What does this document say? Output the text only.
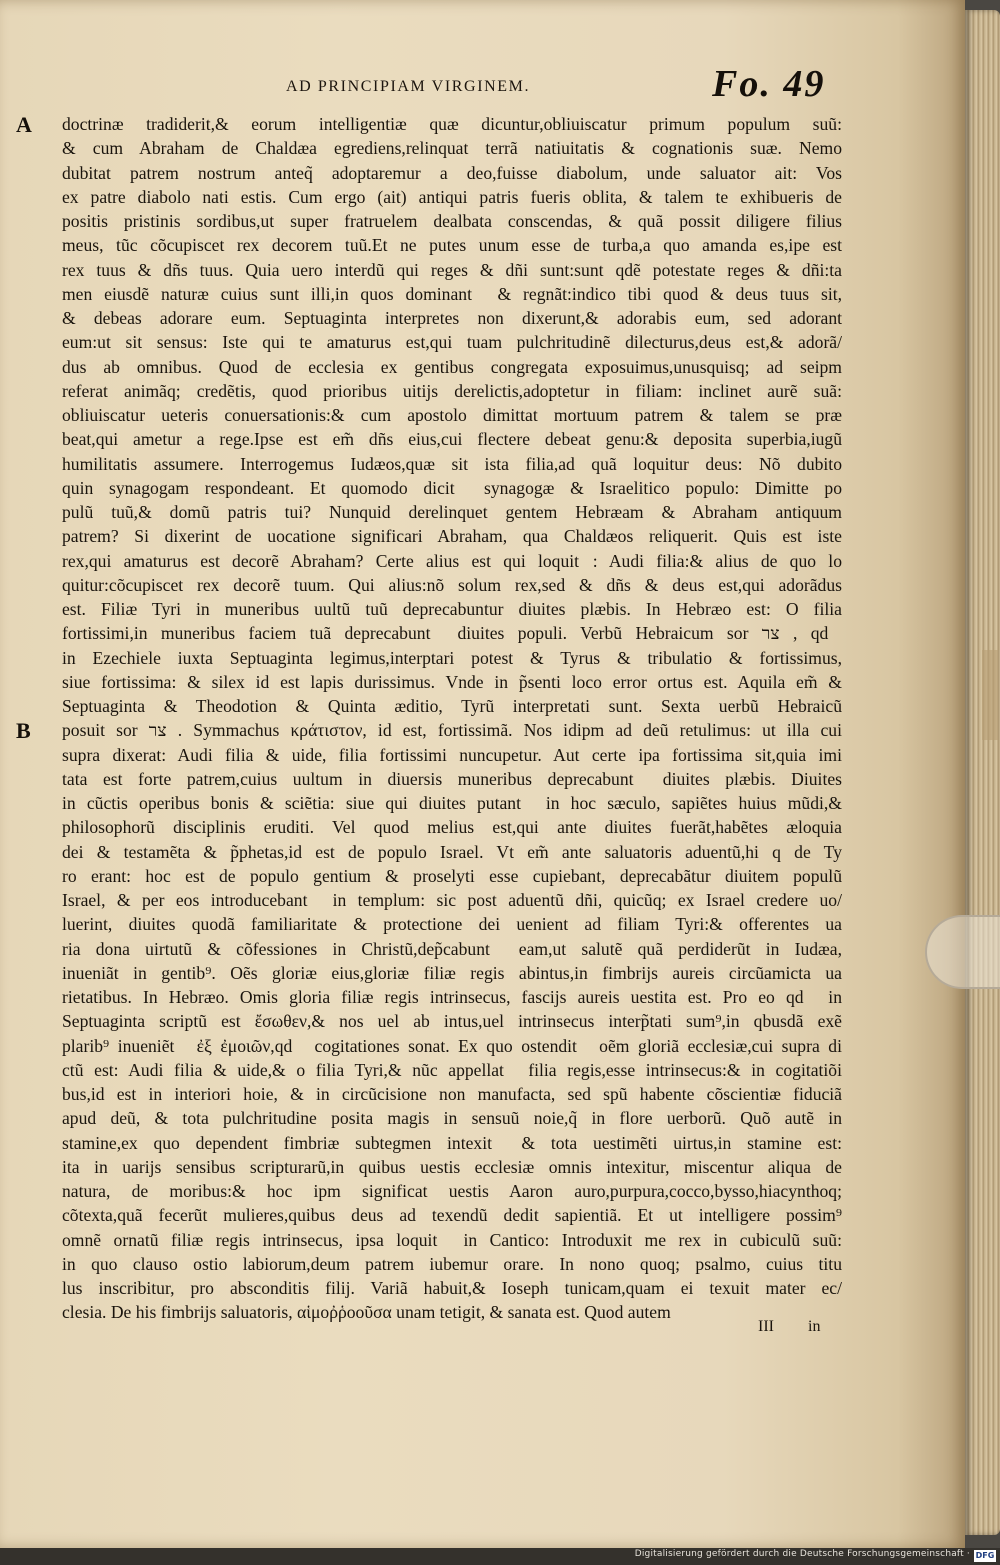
AD PRINCIPIAM VIRGINEM.	Fo. 49
A
B
doctrinæ tradiderit,& eorum intelligentiæ quæ dicuntur,obliuiscatur primum populum suũ:
& cum Abraham de Chaldæa egrediens,relinquat terrã natiuitatis & cognationis suæ. Nemo
dubitat patrem nostrum anteq̃ adoptaremur a deo,fuisse diabolum, unde saluator ait: Vos
ex patre diabolo nati estis. Cum ergo (ait) antiqui patris fueris oblita, & talem te exhibueris de
positis pristinis sordibus,ut super fratruelem dealbata conscendas, & quã possit diligere filius
meus, tũc cõcupiscet rex decorem tuũ.Et ne putes unum esse de turba,a quo amanda es,ipe est
rex tuus & dñs tuus. Quia uero interdũ qui reges & dñi sunt:sunt qdẽ potestate reges & dñi:ta
men eiusdẽ naturæ cuius sunt illi,in quos dominantᷣ & regnãt:indico tibi quod & deus tuus sit,
& debeas adorare eum. Septuaginta interpretes non dixerunt,& adorabis eum, sed adorant
eum:ut sit sensus: Iste qui te amaturus est,qui tuam pulchritudinẽ dilecturus,deus est,& adorã/
dus ab omnibus. Quod de ecclesia ex gentibus congregata exposuimus,unusquisq; ad seipm
referat animãq; credẽtis, quod prioribus uitijs derelictis,adoptetur in filiam: inclinet aurẽ suã:
obliuiscatur ueteris conuersationis:& cum apostolo dimittat mortuum patrem & talem se præ
beat,qui ametur a rege.Ipse est em̃ dñs eius,cui flectere debeat genu:& deposita superbia,iugũ
humilitatis assumere. Interrogemus Iudæos,quæ sit ista filia,ad quã loquitur deus: Nõ dubito
quin synagogam respondeant. Et quomodo dicitᷣ synagogæ & Israelitico populo: Dimitte po
pulũ tuũ,& domũ patris tui? Nunquid derelinquet gentem Hebræam & Abraham antiquum
patrem? Si dixerint de uocatione significari Abraham, qua Chaldæos reliquerit. Quis est iste
rex,qui amaturus est decorẽ Abraham? Certe alius est qui loquitᷣ: Audi filia:& alius de quo lo
quitur:cõcupiscet rex decorẽ tuum. Qui alius:nõ solum rex,sed & dñs & deus est,qui adorãdus
est. Filiæ Tyri in muneribus uultũ tuũ deprecabuntur diuites plæbis. In Hebræo est: O filia
fortissimi,in muneribus faciem tuã deprecabuntᷣ diuites populi. Verbũ Hebraicum sor צר , qdᷣ
in Ezechiele iuxta Septuaginta legimus,interptari potest & Tyrus & tribulatio & fortissimus,
siue fortissima: & silex id est lapis durissimus. Vnde in p̃senti loco error ortus est. Aquila em̃ &
Septuaginta & Theodotion & Quinta æditio, Tyrũ interpretati sunt. Sexta uerbũ Hebraicũ
posuit sor צר . Symmachus κράτιστον, id est, fortissimã. Nos idipm ad deũ retulimus: ut illa cui
supra dixerat: Audi filia & uide, filia fortissimi nuncupetur. Aut certe ipa fortissima sit,quia imi
tata est forte patrem,cuius uultum in diuersis muneribus deprecabuntᷣ diuites plæbis. Diuites
in cũctis operibus bonis & sciẽtia: siue qui diuites putantᷣ in hoc sæculo, sapiẽtes huius mũdi,&
philosophorũ disciplinis eruditi. Vel quod melius est,qui ante diuites fuerãt,habẽtes æloquia
dei & testamẽta & p̃phetas,id est de populo Israel. Vt em̃ ante saluatoris aduentũ,hi q de Ty
ro erant: hoc est de populo gentium & proselyti esse cupiebant, deprecabãtur diuitem populũ
Israel, & per eos introducebantᷣ in templum: sic post aduentũ dñi, quicũq; ex Israel credere uo/
luerint, diuites quodã familiaritate & protectione dei uenient ad filiam Tyri:& offerentes ua
ria dona uirtutũ & cõfessiones in Christũ,dep̃cabuntᷣ eam,ut salutẽ quã perdiderũt in Iudæa,
inueniãt in gentib⁹. Oẽs gloriæ eius,gloriæ filiæ regis abintus,in fimbrijs aureis circũamicta ua
rietatibus. In Hebræo. Omis gloria filiæ regis intrinsecus, fascijs aureis uestita est. Pro eo qdᷣ in
Septuaginta scriptũ est ἔσωθεν,& nos uel ab intus,uel intrinsecus interp̃tati sum⁹,in qbusdã exẽ
plarib⁹ inueniẽtᷣ ἐξ ἐμοιῶν,qdᷣ cogitationes sonat. Ex quo ostenditᷣ oẽm gloriã ecclesiæ,cui supra di
ctũ est: Audi filia & uide,& o filia Tyri,& nũc appellatᷣ filia regis,esse intrinsecus:& in cogitatiõi
bus,id est in interiori hoie, & in circũcisione non manufacta, sed spũ habente cõscientiæ fiduciã
apud deũ, & tota pulchritudine posita magis in sensuũ noie,q̃ in flore uerborũ. Quõ autẽ in
stamine,ex quo dependent fimbriæ subtegmen intexitᷣ & tota uestimẽti uirtus,in stamine est:
ita in uarijs sensibus scripturarũ,in quibus uestis ecclesiæ omnis intexitur, miscentur aliqua de
natura, de moribus:& hoc ipm significat uestis Aaron auro,purpura,cocco,bysso,hiacynthoq;
cõtexta,quã fecerũt mulieres,quibus deus ad texendũ dedit sapientiã. Et ut intelligere possim⁹
omnẽ ornatũ filiæ regis intrinsecus, ipsa loquitᷣ in Cantico: Introduxit me rex in cubiculũ suũ:
in quo clauso ostio labiorum,deum patrem iubemur orare. In nono quoq; psalmo, cuius titu
lus inscribitur, pro absconditis filij. Variã habuit,& Ioseph tunicam,quam ei texuit mater ec/
clesia. De his fimbrijs saluatoris, αἱμοῤῥοοῦσα unam tetigit, & sanata est. Quod autem
III in
Digitalisierung gefördert durch die Deutsche Forschungsgemeinschaft · DFG
